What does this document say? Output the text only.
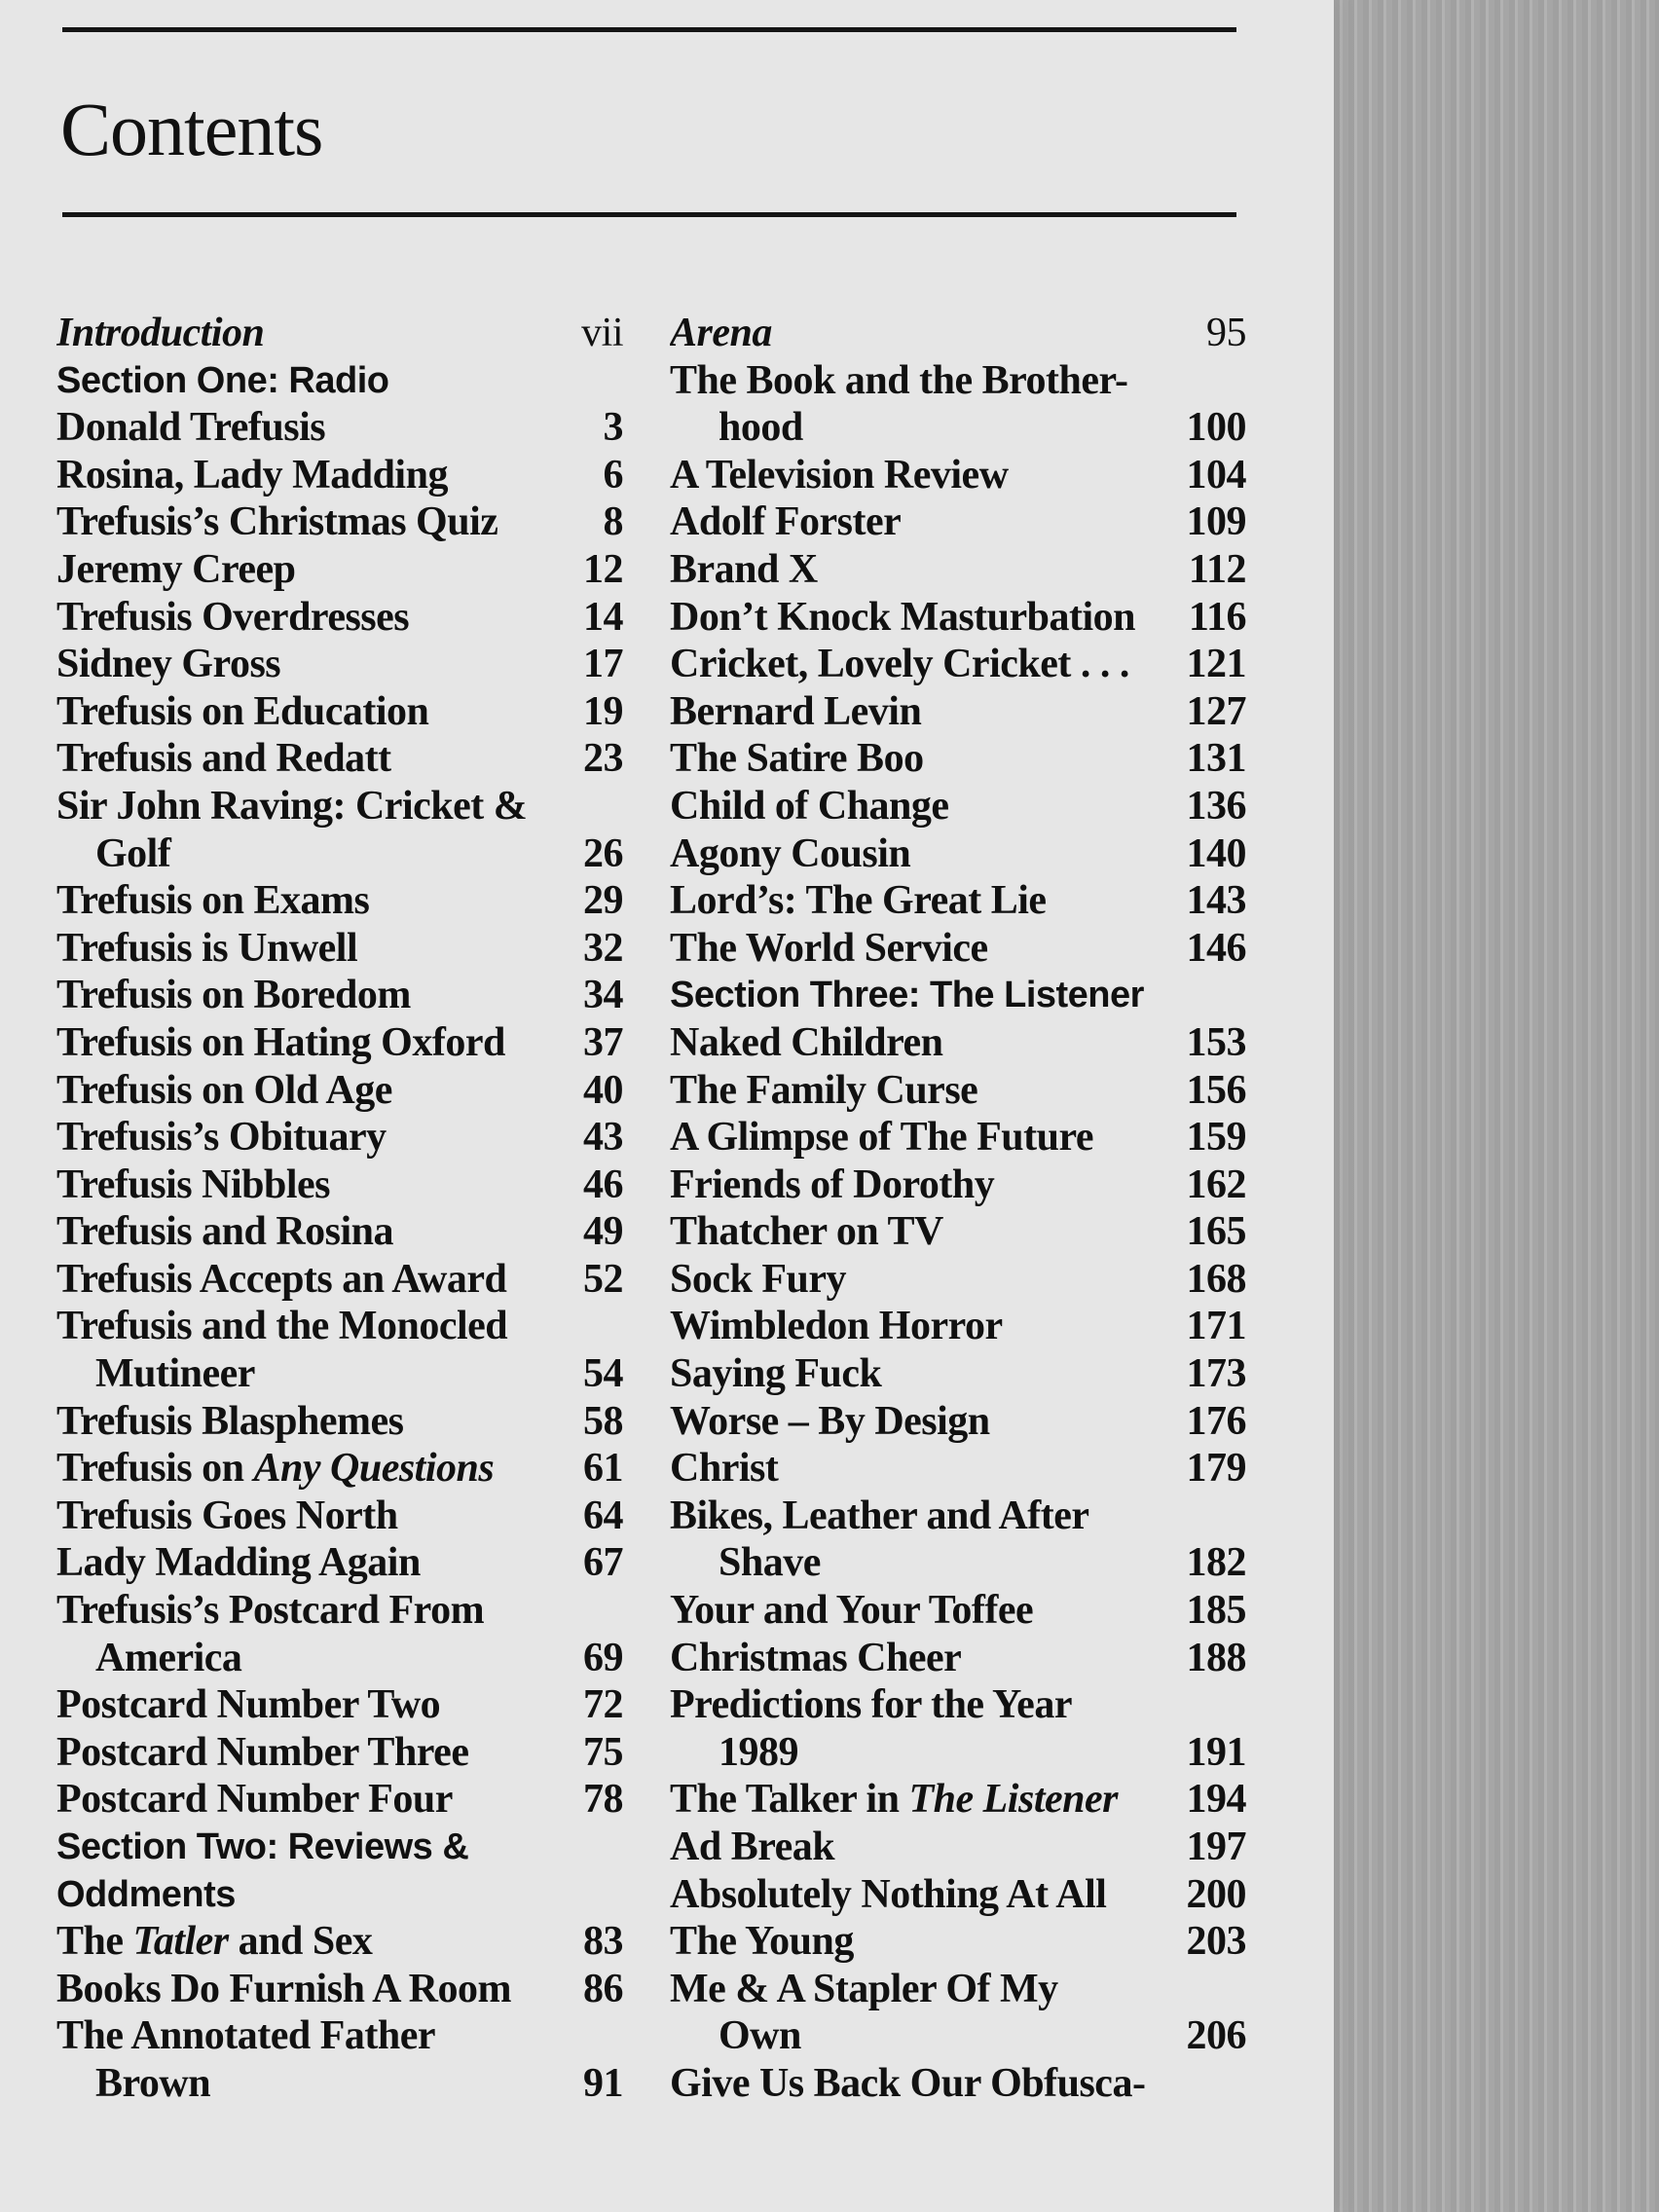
Contents
Introduction	vii
Section One: Radio
Donald Trefusis	3
Rosina, Lady Madding	6
Trefusis’s Christmas Quiz	8
Jeremy Creep	12
Trefusis Overdresses	14
Sidney Gross	17
Trefusis on Education	19
Trefusis and Redatt	23
Sir John Raving: Cricket &
Golf	26
Trefusis on Exams	29
Trefusis is Unwell	32
Trefusis on Boredom	34
Trefusis on Hating Oxford	37
Trefusis on Old Age	40
Trefusis’s Obituary	43
Trefusis Nibbles	46
Trefusis and Rosina	49
Trefusis Accepts an Award	52
Trefusis and the Monocled
Mutineer	54
Trefusis Blasphemes	58
Trefusis on Any Questions	61
Trefusis Goes North	64
Lady Madding Again	67
Trefusis’s Postcard From
America	69
Postcard Number Two	72
Postcard Number Three	75
Postcard Number Four	78
Section Two: Reviews &
Oddments
The Tatler and Sex	83
Books Do Furnish A Room	86
The Annotated Father
Brown	91
Arena	95
The Book and the Brother-
hood	100
A Television Review	104
Adolf Forster	109
Brand X	112
Don’t Knock Masturbation	116
Cricket, Lovely Cricket . . .	121
Bernard Levin	127
The Satire Boo	131
Child of Change	136
Agony Cousin	140
Lord’s: The Great Lie	143
The World Service	146
Section Three: The Listener
Naked Children	153
The Family Curse	156
A Glimpse of The Future	159
Friends of Dorothy	162
Thatcher on TV	165
Sock Fury	168
Wimbledon Horror	171
Saying Fuck	173
Worse – By Design	176
Christ	179
Bikes, Leather and After
Shave	182
Your and Your Toffee	185
Christmas Cheer	188
Predictions for the Year
1989	191
The Talker in The Listener	194
Ad Break	197
Absolutely Nothing At All	200
The Young	203
Me & A Stapler Of My
Own	206
Give Us Back Our Obfusca-
